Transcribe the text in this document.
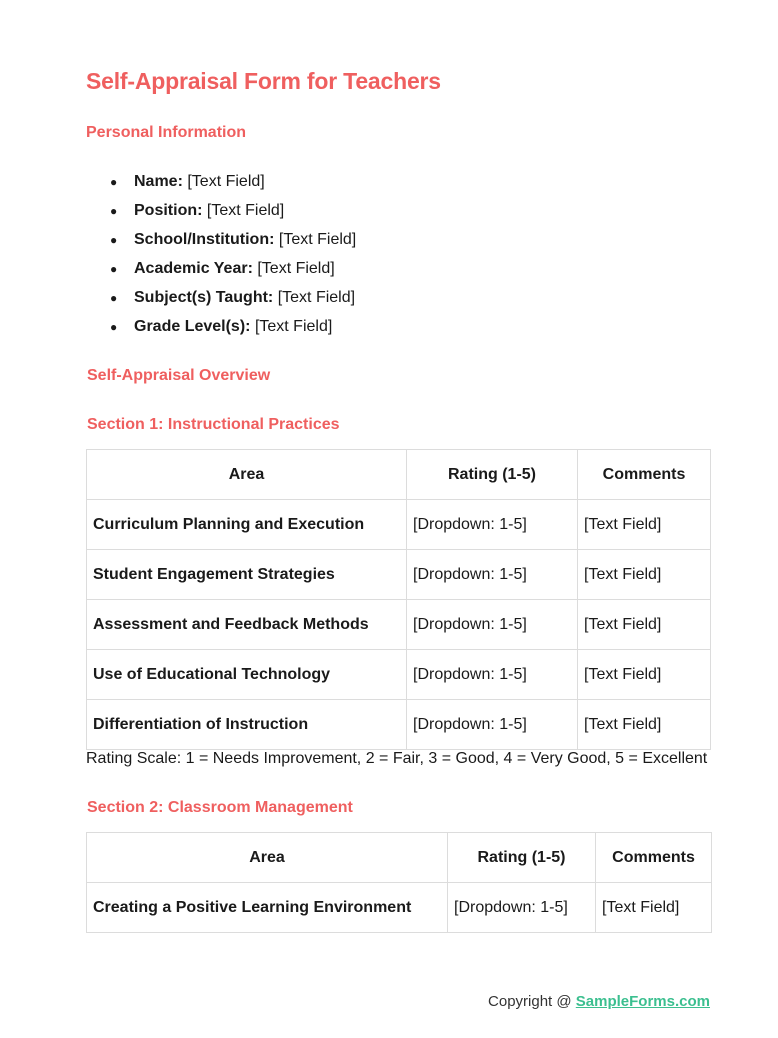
Self-Appraisal Form for Teachers
Personal Information
● Name: [Text Field]
● Position: [Text Field]
● School/Institution: [Text Field]
● Academic Year: [Text Field]
● Subject(s) Taught: [Text Field]
● Grade Level(s): [Text Field]
Self-Appraisal Overview
Section 1: Instructional Practices
Area	Rating (1-5)	Comments
Curriculum Planning and Execution	[Dropdown: 1-5]	[Text Field]
Student Engagement Strategies	[Dropdown: 1-5]	[Text Field]
Assessment and Feedback Methods	[Dropdown: 1-5]	[Text Field]
Use of Educational Technology	[Dropdown: 1-5]	[Text Field]
Differentiation of Instruction	[Dropdown: 1-5]	[Text Field]

Rating Scale: 1 = Needs Improvement, 2 = Fair, 3 = Good, 4 = Very Good, 5 = Excellent

Section 2: Classroom Management
Area	Rating (1-5)	Comments
Creating a Positive Learning Environment	[Dropdown: 1-5]	[Text Field]
Copyright @ SampleForms.com
